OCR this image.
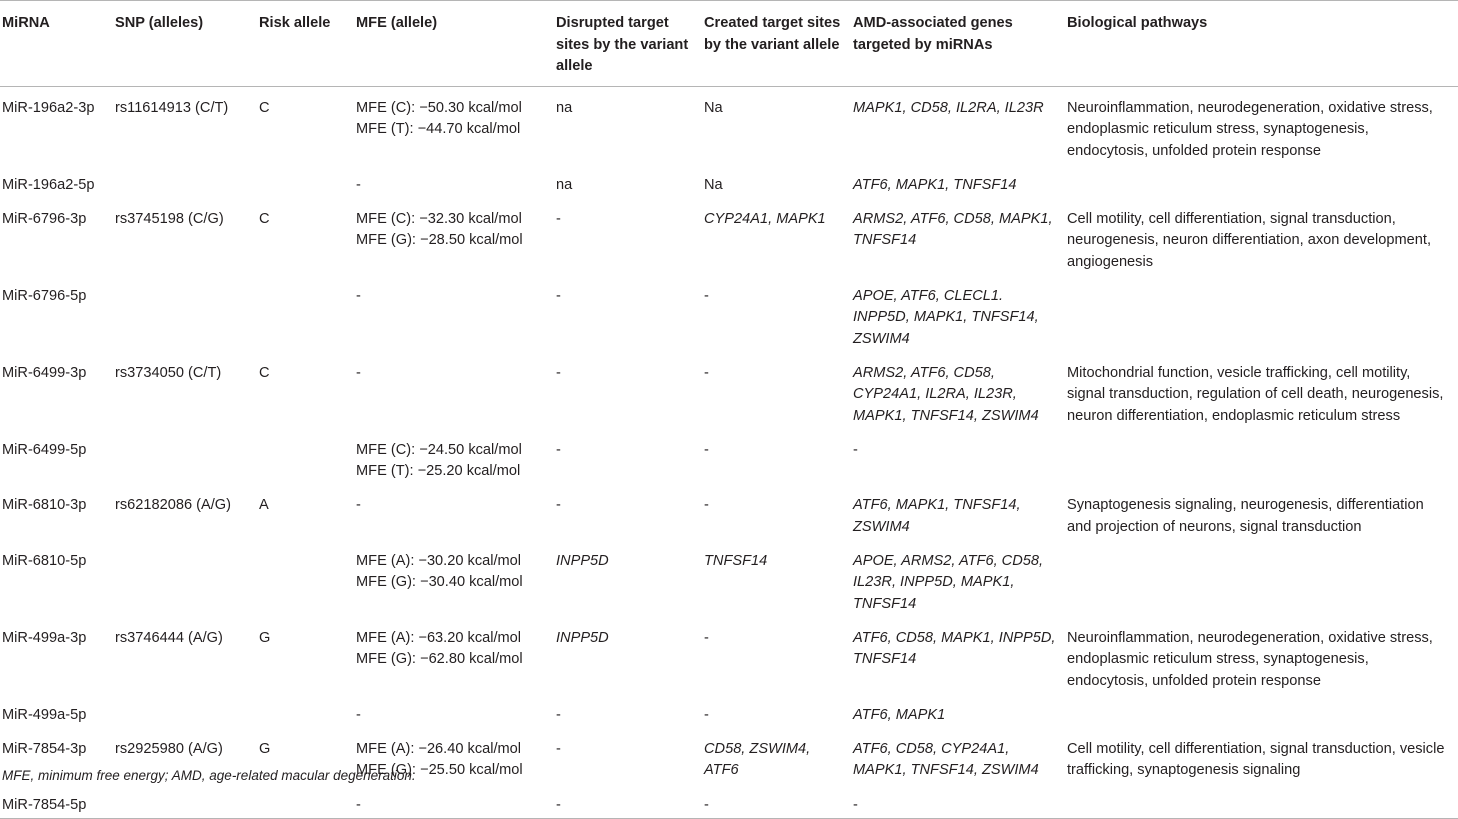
MiRNA	SNP (alleles)	Risk allele	MFE (allele)	Disrupted target sites by the variant allele	Created target sites by the variant allele	AMD-associated genes targeted by miRNAs	Biological pathways
MiR-196a2-3p	rs11614913 (C/T)	C	MFE (C): −50.30 kcal/mol
MFE (T): −44.70 kcal/mol	na	Na	MAPK1, CD58, IL2RA, IL23R	Neuroinflammation, neurodegeneration, oxidative stress, endoplasmic reticulum stress, synaptogenesis, endocytosis, unfolded protein response
MiR-196a2-5p			-	na	Na	ATF6, MAPK1, TNFSF14	
MiR-6796-3p	rs3745198 (C/G)	C	MFE (C): −32.30 kcal/mol
MFE (G): −28.50 kcal/mol	-	CYP24A1, MAPK1	ARMS2, ATF6, CD58, MAPK1, TNFSF14	Cell motility, cell differentiation, signal transduction, neurogenesis, neuron differentiation, axon development, angiogenesis
MiR-6796-5p			-	-	-	APOE, ATF6, CLECL1. INPP5D, MAPK1, TNFSF14, ZSWIM4	
MiR-6499-3p	rs3734050 (C/T)	C	-	-	-	ARMS2, ATF6, CD58, CYP24A1, IL2RA, IL23R, MAPK1, TNFSF14, ZSWIM4	Mitochondrial function, vesicle trafficking, cell motility, signal transduction, regulation of cell death, neurogenesis, neuron differentiation, endoplasmic reticulum stress
MiR-6499-5p			MFE (C): −24.50 kcal/mol
MFE (T): −25.20 kcal/mol	-	-	-	
MiR-6810-3p	rs62182086 (A/G)	A	-	-	-	ATF6, MAPK1, TNFSF14, ZSWIM4	Synaptogenesis signaling, neurogenesis, differentiation and projection of neurons, signal transduction
MiR-6810-5p			MFE (A): −30.20 kcal/mol
MFE (G): −30.40 kcal/mol	INPP5D	TNFSF14	APOE, ARMS2, ATF6, CD58, IL23R, INPP5D, MAPK1, TNFSF14	
MiR-499a-3p	rs3746444 (A/G)	G	MFE (A): −63.20 kcal/mol
MFE (G): −62.80 kcal/mol	INPP5D	-	ATF6, CD58, MAPK1, INPP5D, TNFSF14	Neuroinflammation, neurodegeneration, oxidative stress, endoplasmic reticulum stress, synaptogenesis, endocytosis, unfolded protein response
MiR-499a-5p			-	-	-	ATF6, MAPK1	
MiR-7854-3p	rs2925980 (A/G)	G	MFE (A): −26.40 kcal/mol
MFE (G): −25.50 kcal/mol	-	CD58, ZSWIM4, ATF6	ATF6, CD58, CYP24A1, MAPK1, TNFSF14, ZSWIM4	Cell motility, cell differentiation, signal transduction, vesicle trafficking, synaptogenesis signaling
MiR-7854-5p			-	-	-	-	
MFE, minimum free energy; AMD, age-related macular degeneration.
